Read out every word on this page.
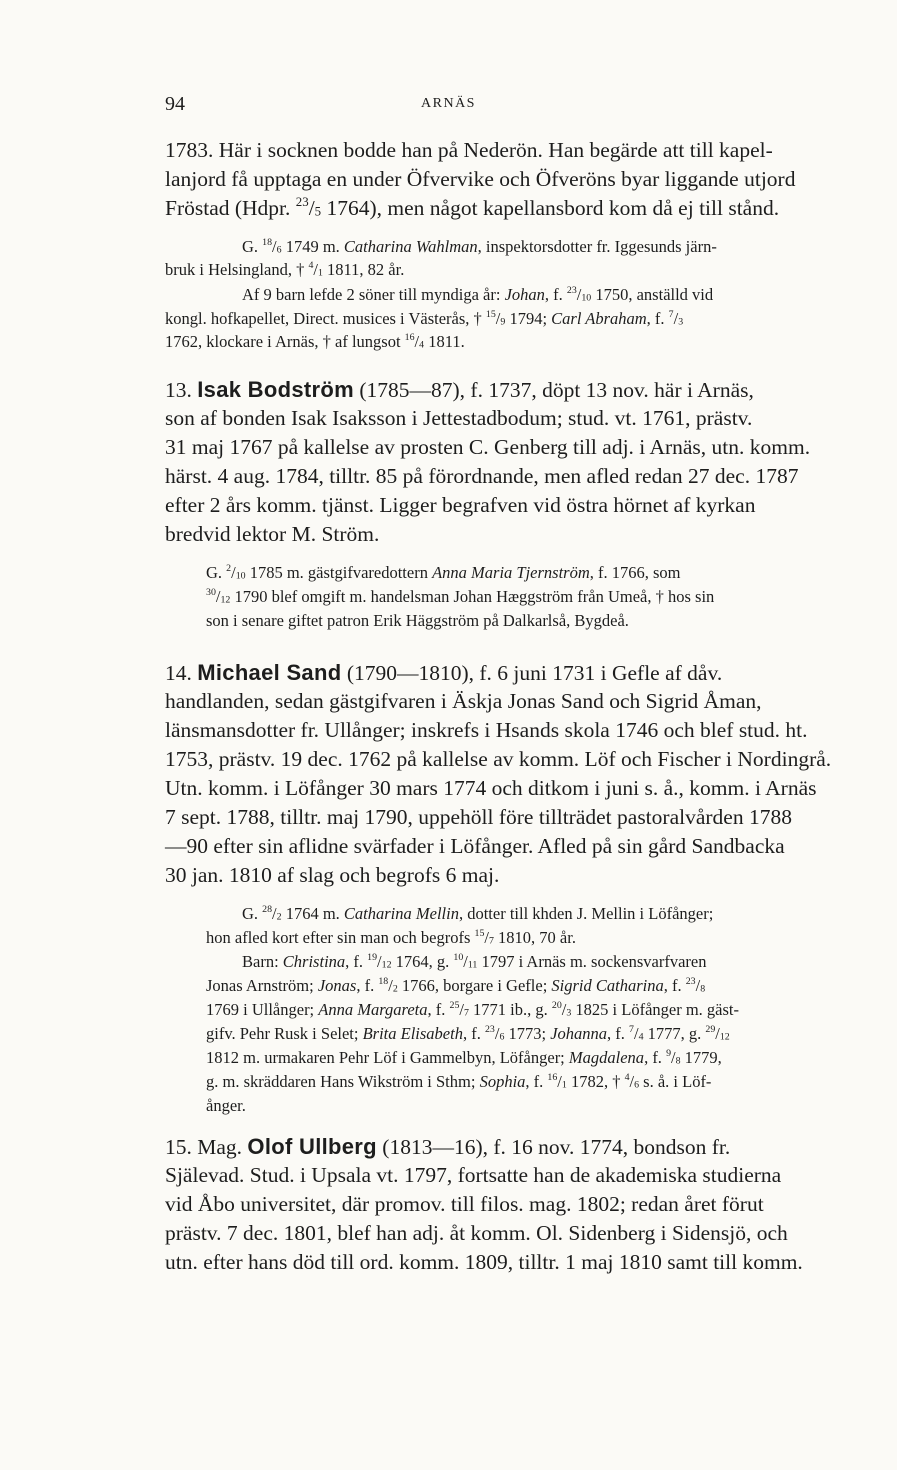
94	ARNÄS
1783. Här i socknen bodde han på Nederön. Han begärde att till kapel-
lanjord få upptaga en under Öfvervike och Öfveröns byar liggande utjord
Fröstad (Hdpr. $^{23}/_5$ 1764), men något kapellansbord kom då ej till stånd.
G. $^{18}/_6$ 1749 m. Catharina Wahlman, inspektorsdotter fr. Iggesunds järn-
bruk i Helsingland, † $^4/_1$ 1811, 82 år.
Af 9 barn lefde 2 söner till myndiga år: Johan, f. $^{23}/_{10}$ 1750, anställd vid
kongl. hofkapellet, Direct. musices i Västerås, † $^{15}/_9$ 1794; Carl Abraham, f. $^7/_3$
1762, klockare i Arnäs, † af lungsot $^{16}/_4$ 1811.
13. Isak Bodström (1785—87), f. 1737, döpt 13 nov. här i Arnäs,
son af bonden Isak Isaksson i Jettestadbodum; stud. vt. 1761, prästv.
31 maj 1767 på kallelse av prosten C. Genberg till adj. i Arnäs, utn. komm.
härst. 4 aug. 1784, tilltr. 85 på förordnande, men afled redan 27 dec. 1787
efter 2 års komm. tjänst. Ligger begrafven vid östra hörnet af kyrkan
bredvid lektor M. Ström.
G. $^2/_{10}$ 1785 m. gästgifvaredottern Anna Maria Tjernström, f. 1766, som
$^{30}/_{12}$ 1790 blef omgift m. handelsman Johan Hæggström från Umeå, † hos sin
son i senare giftet patron Erik Häggström på Dalkarlså, Bygdeå.
14. Michael Sand (1790—1810), f. 6 juni 1731 i Gefle af dåv.
handlanden, sedan gästgifvaren i Äskja Jonas Sand och Sigrid Åman,
länsmansdotter fr. Ullånger; inskrefs i Hsands skola 1746 och blef stud. ht.
1753, prästv. 19 dec. 1762 på kallelse av komm. Löf och Fischer i Nordingrå.
Utn. komm. i Löfånger 30 mars 1774 och ditkom i juni s. å., komm. i Arnäs
7 sept. 1788, tilltr. maj 1790, uppehöll före tillträdet pastoralvården 1788
—90 efter sin aflidne svärfader i Löfånger. Afled på sin gård Sandbacka
30 jan. 1810 af slag och begrofs 6 maj.
G. $^{28}/_2$ 1764 m. Catharina Mellin, dotter till khden J. Mellin i Löfånger;
hon afled kort efter sin man och begrofs $^{15}/_7$ 1810, 70 år.
Barn: Christina, f. $^{19}/_{12}$ 1764, g. $^{10}/_{11}$ 1797 i Arnäs m. sockensvarfvaren
Jonas Arnström; Jonas, f. $^{18}/_2$ 1766, borgare i Gefle; Sigrid Catharina, f. $^{23}/_8$
1769 i Ullånger; Anna Margareta, f. $^{25}/_7$ 1771 ib., g. $^{20}/_3$ 1825 i Löfånger m. gäst-
gifv. Pehr Rusk i Selet; Brita Elisabeth, f. $^{23}/_6$ 1773; Johanna, f. $^7/_4$ 1777, g. $^{29}/_{12}$
1812 m. urmakaren Pehr Löf i Gammelbyn, Löfånger; Magdalena, f. $^9/_8$ 1779,
g. m. skräddaren Hans Wikström i Sthm; Sophia, f. $^{16}/_1$ 1782, † $^4/_6$ s. å. i Löf-
ånger.
15. Mag. Olof Ullberg (1813—16), f. 16 nov. 1774, bondson fr.
Själevad. Stud. i Upsala vt. 1797, fortsatte han de akademiska studierna
vid Åbo universitet, där promov. till filos. mag. 1802; redan året förut
prästv. 7 dec. 1801, blef han adj. åt komm. Ol. Sidenberg i Sidensjö, och
utn. efter hans död till ord. komm. 1809, tilltr. 1 maj 1810 samt till komm.
